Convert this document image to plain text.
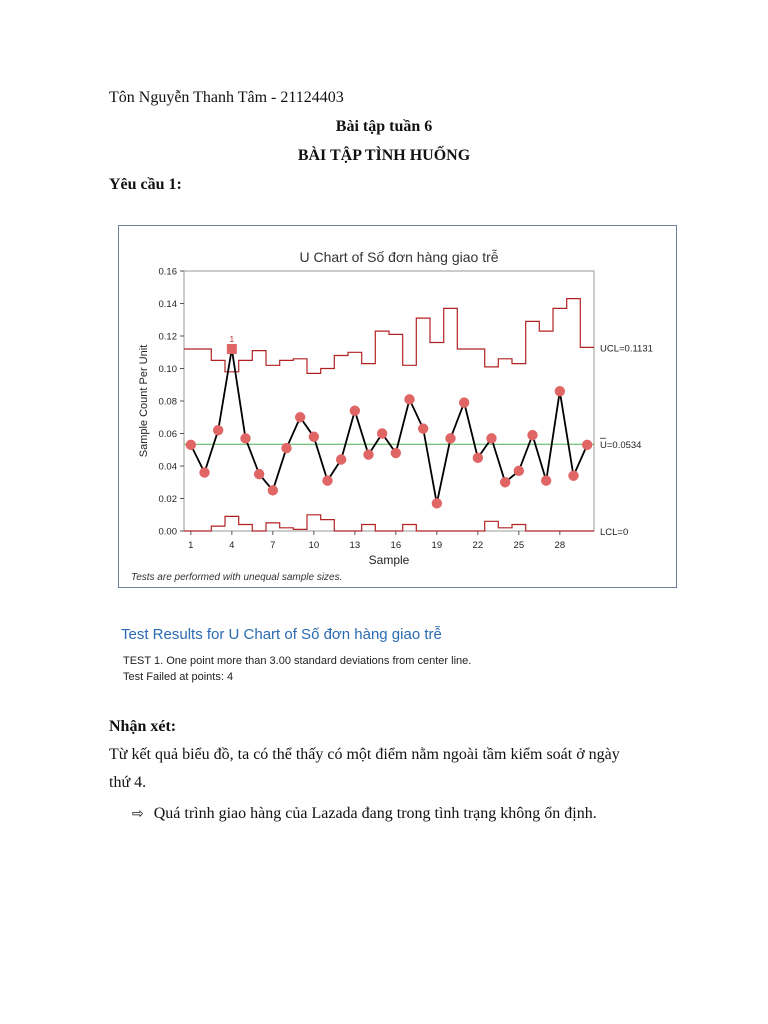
Tôn Nguyễn Thanh Tâm - 21124403
Bài tập tuần 6
BÀI TẬP TÌNH HUỐNG
Yêu cầu 1:
U Chart of Số đơn hàng giao trễ
0.00
0.02
0.04
0.06
0.08
0.10
0.12
0.14
0.16
1	4	7	10	13	16	19	22	25	28
Sample
Sample Count Per Unit	UCL=0.1131
U=0.0534
LCL=0
1
Tests are performed with unequal sample sizes.
Test Results for U Chart of Số đơn hàng giao trễ
TEST 1. One point more than 3.00 standard deviations from center line.
Test Failed at points: 4
Nhận xét:
Từ kết quả biểu đồ, ta có thể thấy có một điểm nằm ngoài tầm kiểm soát ở ngày
thứ 4.
⇨ Quá trình giao hàng của Lazada đang trong tình trạng không ổn định.
